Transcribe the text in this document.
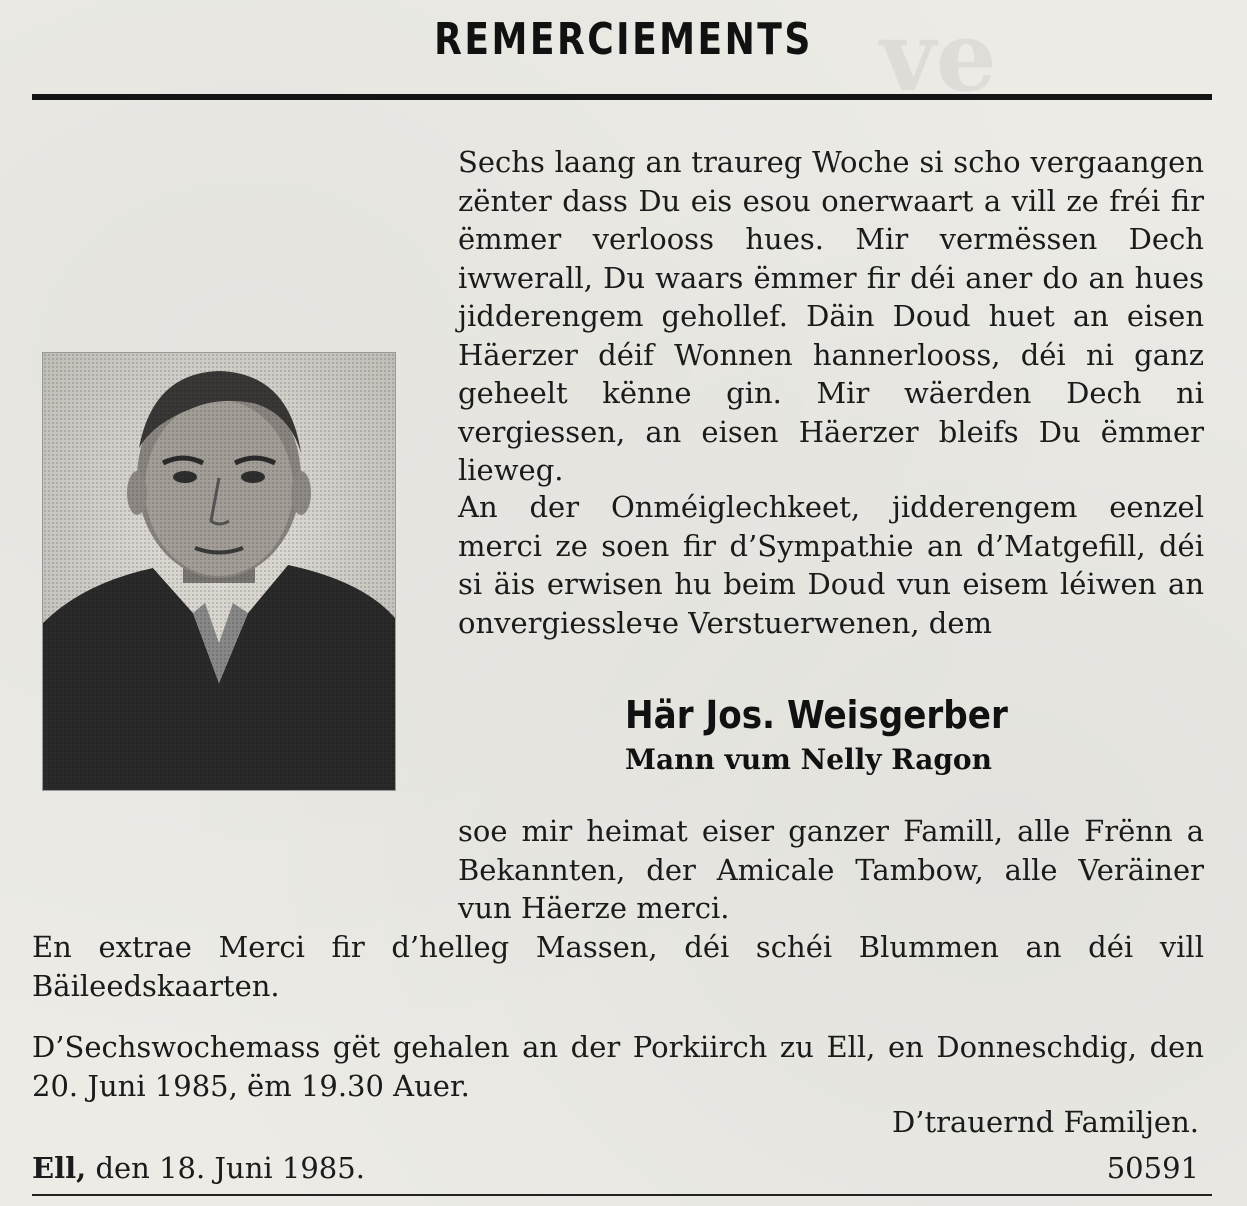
ve
REMERCIEMENTS

Sechs laang an traureg Woche si scho vergaangen zënter dass Du eis esou onerwaart a vill ze fréi fir ëmmer verlooss hues. Mir vermëssen Dech iwwerall, Du waars ëmmer fir déi aner do an hues jidderengem gehollef. Däin Doud huet an eisen Häerzer déif Wonnen hannerlooss, déi ni ganz geheelt kënne gin. Mir wäerden Dech ni vergiessen, an eisen Häerzer bleifs Du ëmmer lieweg.

An der Onméiglechkeet, jidderengem eenzel merci ze soen fir d’Sympathie an d’Matgefill, déi si äis erwisen hu beim Doud vun eisem léiwen an onvergiesslече Verstuerwenen, dem

Här Jos. Weisgerber
Mann vum Nelly Ragon

soe mir heimat eiser ganzer Famill, alle Frënn a Bekannten, der Amicale Tambow, alle Veräiner vun Häerze merci.

En extrae Merci fir d’helleg Massen, déi schéi Blummen an déi vill Bäileedskaarten.

D’Sechswochemass gët gehalen an der Porkiirch zu Ell, en Donneschdig, den 20. Juni 1985, ëm 19.30 Auer.

D’trauernd Familjen.
Ell, den 18. Juni 1985.	50591
